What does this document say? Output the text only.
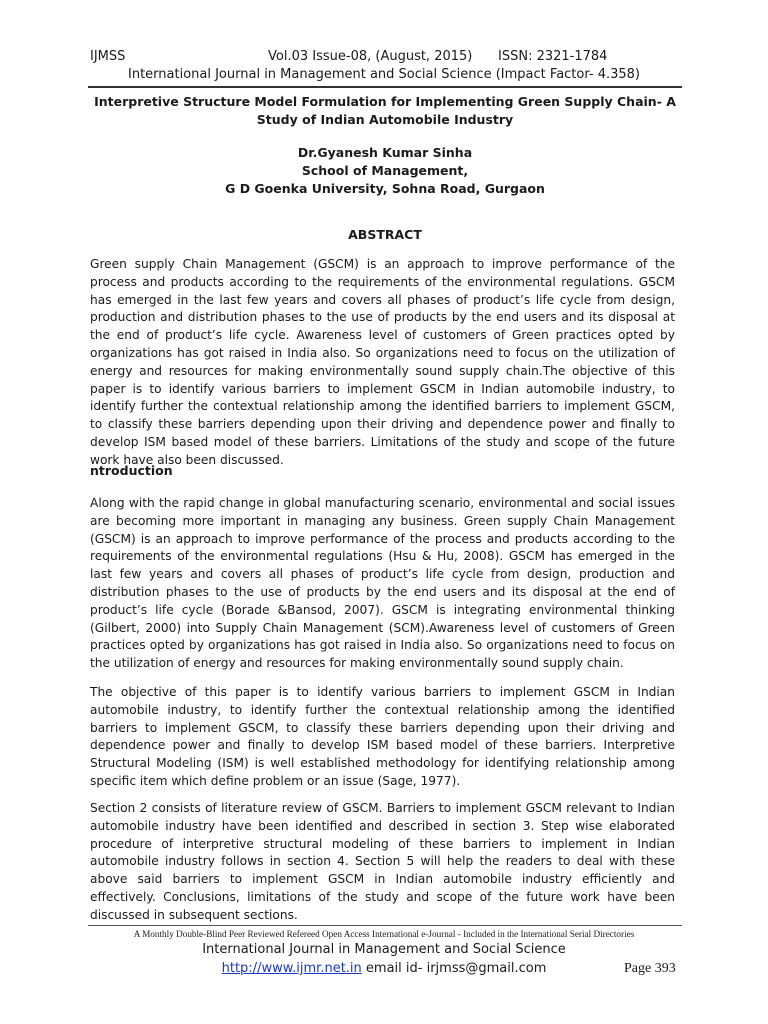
IJMSS	Vol.03 Issue-08, (August, 2015) ISSN: 2321-1784
International Journal in Management and Social Science (Impact Factor- 4.358)
Interpretive Structure Model Formulation for Implementing Green Supply Chain- A Study of Indian Automobile Industry
Dr.Gyanesh Kumar Sinha
School of Management,
G D Goenka University, Sohna Road, Gurgaon
ABSTRACT

Green supply Chain Management (GSCM) is an approach to improve performance of the process and products according to the requirements of the environmental regulations. GSCM has emerged in the last few years and covers all phases of product’s life cycle from design, production and distribution phases to the use of products by the end users and its disposal at the end of product’s life cycle. Awareness level of customers of Green practices opted by organizations has got raised in India also. So organizations need to focus on the utilization of energy and resources for making environmentally sound supply chain.The objective of this paper is to identify various barriers to implement GSCM in Indian automobile industry, to identify further the contextual relationship among the identified barriers to implement GSCM, to classify these barriers depending upon their driving and dependence power and finally to develop ISM based model of these barriers. Limitations of the study and scope of the future work have also been discussed.

ntroduction

Along with the rapid change in global manufacturing scenario, environmental and social issues are becoming more important in managing any business. Green supply Chain Management (GSCM) is an approach to improve performance of the process and products according to the requirements of the environmental regulations (Hsu & Hu, 2008). GSCM has emerged in the last few years and covers all phases of product’s life cycle from design, production and distribution phases to the use of products by the end users and its disposal at the end of product’s life cycle (Borade &Bansod, 2007). GSCM is integrating environmental thinking (Gilbert, 2000) into Supply Chain Management (SCM).Awareness level of customers of Green practices opted by organizations has got raised in India also. So organizations need to focus on the utilization of energy and resources for making environmentally sound supply chain.

The objective of this paper is to identify various barriers to implement GSCM in Indian automobile industry, to identify further the contextual relationship among the identified barriers to implement GSCM, to classify these barriers depending upon their driving and dependence power and finally to develop ISM based model of these barriers. Interpretive Structural Modeling (ISM) is well established methodology for identifying relationship among specific item which define problem or an issue (Sage, 1977).

Section 2 consists of literature review of GSCM. Barriers to implement GSCM relevant to Indian automobile industry have been identified and described in section 3. Step wise elaborated procedure of interpretive structural modeling of these barriers to implement in Indian automobile industry follows in section 4. Section 5 will help the readers to deal with these above said barriers to implement GSCM in Indian automobile industry efficiently and effectively. Conclusions, limitations of the study and scope of the future work have been discussed in subsequent sections.

A Monthly Double-Blind Peer Reviewed Refereed Open Access International e-Journal - Included in the International Serial Directories
International Journal in Management and Social Science
http://www.ijmr.net.in email id- irjmss@gmail.com	Page 393
